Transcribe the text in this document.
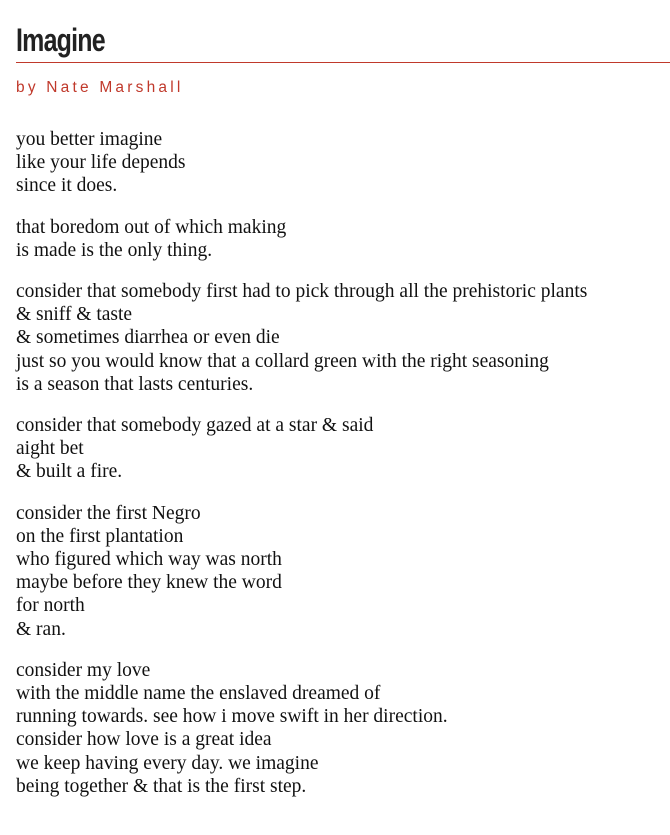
Imagine
by Nate Marshall
you better imagine
like your life depends
since it does.
that boredom out of which making
is made is the only thing.
consider that somebody first had to pick through all the prehistoric plants
& sniff & taste
& sometimes diarrhea or even die
just so you would know that a collard green with the right seasoning
is a season that lasts centuries.
consider that somebody gazed at a star & said
aight bet
& built a fire.
consider the first Negro
on the first plantation
who figured which way was north
maybe before they knew the word
for north
& ran.
consider my love
with the middle name the enslaved dreamed of
running towards. see how i move swift in her direction.
consider how love is a great idea
we keep having every day. we imagine
being together & that is the first step.
